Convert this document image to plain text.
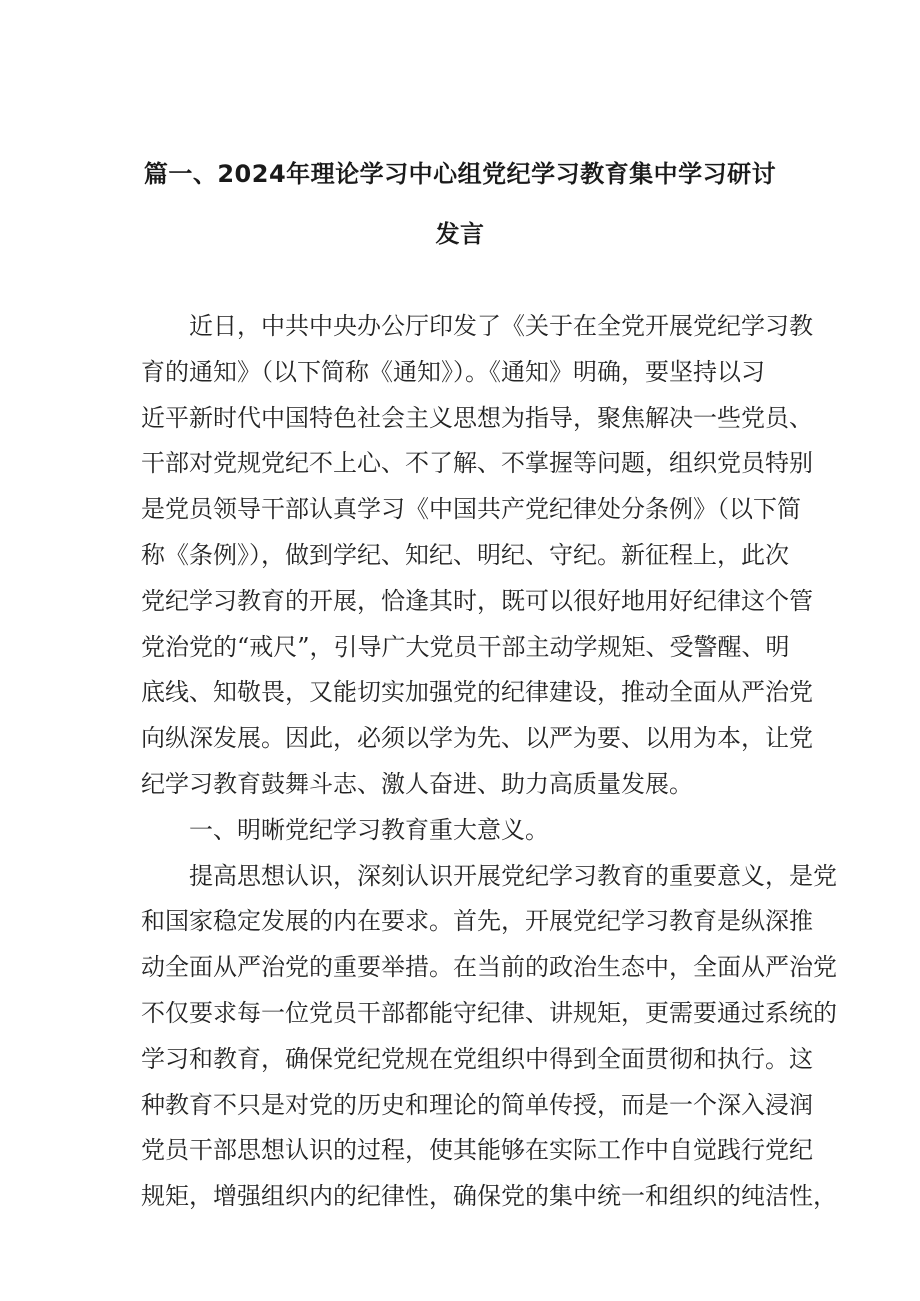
篇一、2024年理论学习中心组党纪学习教育集中学习研讨
发言
近日，中共中央办公厅印发了《关于在全党开展党纪学习教
育的通知》（以下简称《通知》）。《通知》明确，要坚持以习
近平新时代中国特色社会主义思想为指导，聚焦解决一些党员、
干部对党规党纪不上心、不了解、不掌握等问题，组织党员特别
是党员领导干部认真学习《中国共产党纪律处分条例》（以下简
称《条例》），做到学纪、知纪、明纪、守纪。新征程上，此次
党纪学习教育的开展，恰逢其时，既可以很好地用好纪律这个管
党治党的“戒尺”，引导广大党员干部主动学规矩、受警醒、明
底线、知敬畏，又能切实加强党的纪律建设，推动全面从严治党
向纵深发展。因此，必须以学为先、以严为要、以用为本，让党
纪学习教育鼓舞斗志、激人奋进、助力高质量发展。
一、明晰党纪学习教育重大意义。
提高思想认识，深刻认识开展党纪学习教育的重要意义，是党
和国家稳定发展的内在要求。首先，开展党纪学习教育是纵深推
动全面从严治党的重要举措。在当前的政治生态中，全面从严治党
不仅要求每一位党员干部都能守纪律、讲规矩，更需要通过系统的
学习和教育，确保党纪党规在党组织中得到全面贯彻和执行。这
种教育不只是对党的历史和理论的简单传授，而是一个深入浸润
党员干部思想认识的过程，使其能够在实际工作中自觉践行党纪
规矩，增强组织内的纪律性，确保党的集中统一和组织的纯洁性，
